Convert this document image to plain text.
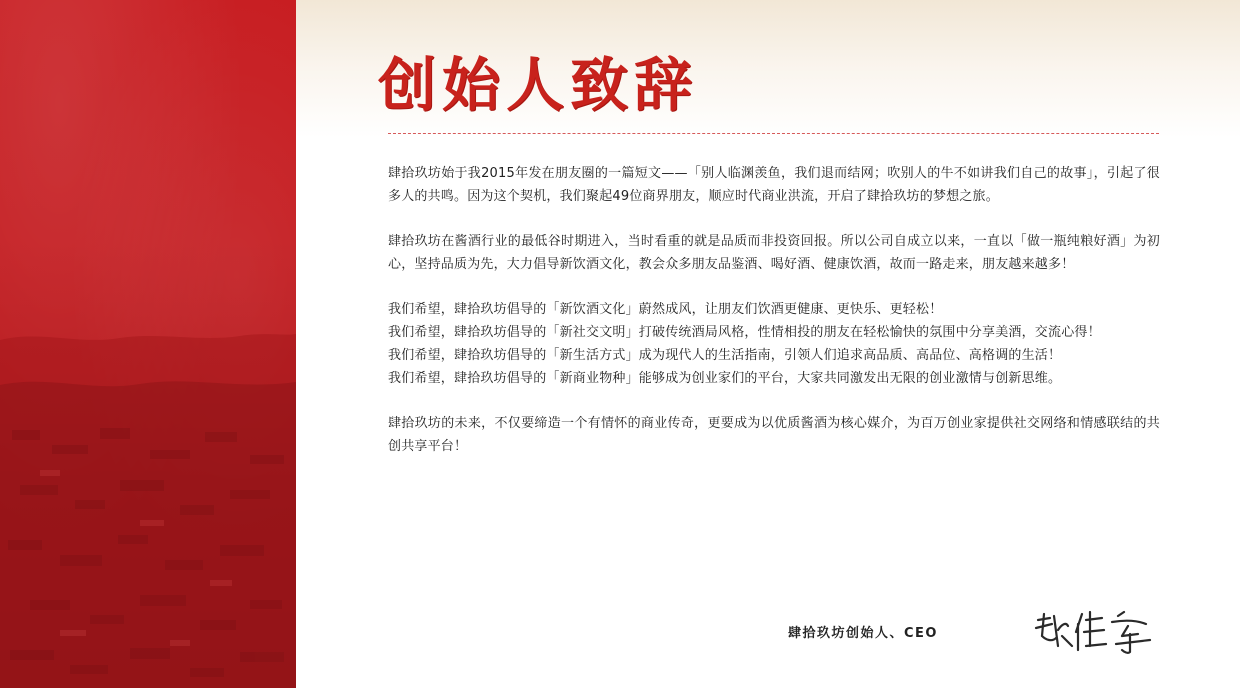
创始人致辞

肆拾玖坊始于我2015年发在朋友圈的一篇短文——「别人临渊羡鱼，我们退而结网；吹别人的牛不如讲我们自己的故事」，引起了很多人的共鸣。因为这个契机，我们聚起49位商界朋友，顺应时代商业洪流，开启了肆拾玖坊的梦想之旅。

肆拾玖坊在酱酒行业的最低谷时期进入，当时看重的就是品质而非投资回报。所以公司自成立以来，一直以「做一瓶纯粮好酒」为初心，坚持品质为先，大力倡导新饮酒文化，教会众多朋友品鉴酒、喝好酒、健康饮酒，故而一路走来，朋友越来越多！

我们希望，肆拾玖坊倡导的「新饮酒文化」蔚然成风，让朋友们饮酒更健康、更快乐、更轻松！

我们希望，肆拾玖坊倡导的「新社交文明」打破传统酒局风格，性情相投的朋友在轻松愉快的氛围中分享美酒，交流心得！

我们希望，肆拾玖坊倡导的「新生活方式」成为现代人的生活指南，引领人们追求高品质、高品位、高格调的生活！

我们希望，肆拾玖坊倡导的「新商业物种」能够成为创业家们的平台，大家共同激发出无限的创业激情与创新思维。

肆拾玖坊的未来，不仅要缔造一个有情怀的商业传奇，更要成为以优质酱酒为核心媒介，为百万创业家提供社交网络和情感联结的共创共享平台！

肆拾玖坊创始人、CEO
